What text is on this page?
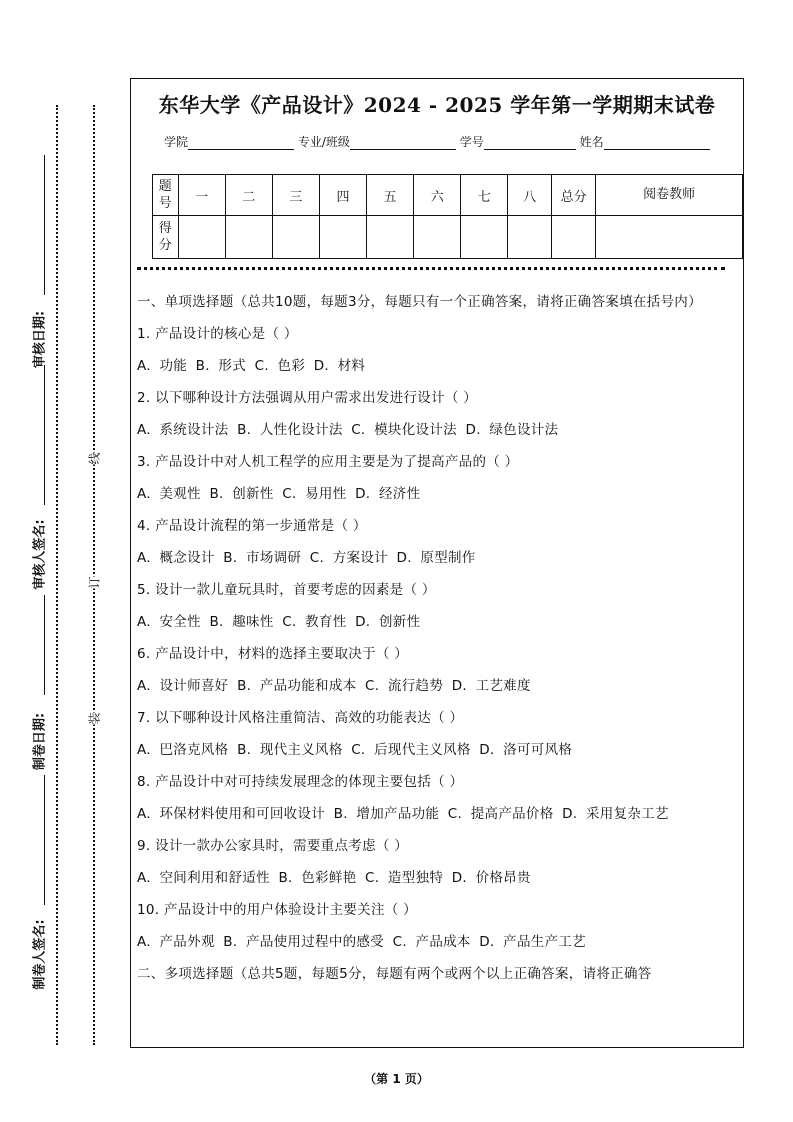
审核日期:
审核人签名:
制卷日期:
制卷人签名:
线
订
装
东华大学《产品设计》2024 - 2025 学年第一学期期末试卷
学院	专业/班级	学号	姓名
题号	一	二	三	四	五	六	七	八	总分	阅卷教师
得分										
一、单项选择题（总共10题，每题3分，每题只有一个正确答案，请将正确答案填在括号内）
1. 产品设计的核心是（ ）
A. 功能 B. 形式 C. 色彩 D. 材料
2. 以下哪种设计方法强调从用户需求出发进行设计（ ）
A. 系统设计法 B. 人性化设计法 C. 模块化设计法 D. 绿色设计法
3. 产品设计中对人机工程学的应用主要是为了提高产品的（ ）
A. 美观性 B. 创新性 C. 易用性 D. 经济性
4. 产品设计流程的第一步通常是（ ）
A. 概念设计 B. 市场调研 C. 方案设计 D. 原型制作
5. 设计一款儿童玩具时，首要考虑的因素是（ ）
A. 安全性 B. 趣味性 C. 教育性 D. 创新性
6. 产品设计中，材料的选择主要取决于（ ）
A. 设计师喜好 B. 产品功能和成本 C. 流行趋势 D. 工艺难度
7. 以下哪种设计风格注重简洁、高效的功能表达（ ）
A. 巴洛克风格 B. 现代主义风格 C. 后现代主义风格 D. 洛可可风格
8. 产品设计中对可持续发展理念的体现主要包括（ ）
A. 环保材料使用和可回收设计 B. 增加产品功能 C. 提高产品价格 D. 采用复杂工艺
9. 设计一款办公家具时，需要重点考虑（ ）
A. 空间利用和舒适性 B. 色彩鲜艳 C. 造型独特 D. 价格昂贵
10. 产品设计中的用户体验设计主要关注（ ）
A. 产品外观 B. 产品使用过程中的感受 C. 产品成本 D. 产品生产工艺
二、多项选择题（总共5题，每题5分，每题有两个或两个以上正确答案，请将正确答
（第 1 页）
